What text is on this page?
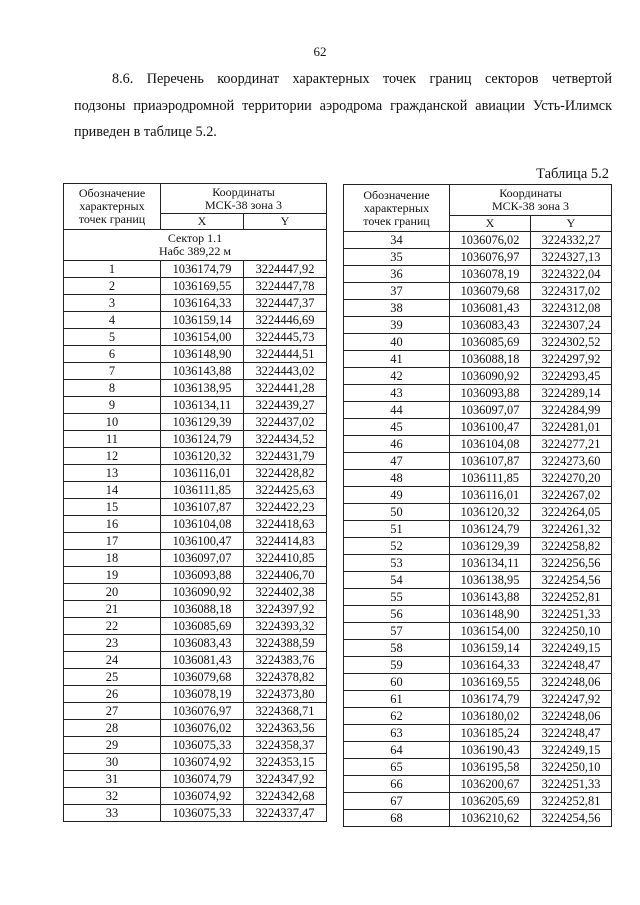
62
8.6. Перечень координат характерных точек границ секторов четвертой
подзоны приаэродромной территории аэродрома гражданской авиации Усть-Илимск
приведен в таблице 5.2.
Таблица 5.2
Обозначение
характерных
точек границ	Координаты
МСК-38 зона 3	
	X	Y
Сектор 1.1
Набс 389,22 м		
1	1036174,79	3224447,92
2	1036169,55	3224447,78
3	1036164,33	3224447,37
4	1036159,14	3224446,69
5	1036154,00	3224445,73
6	1036148,90	3224444,51
7	1036143,88	3224443,02
8	1036138,95	3224441,28
9	1036134,11	3224439,27
10	1036129,39	3224437,02
11	1036124,79	3224434,52
12	1036120,32	3224431,79
13	1036116,01	3224428,82
14	1036111,85	3224425,63
15	1036107,87	3224422,23
16	1036104,08	3224418,63
17	1036100,47	3224414,83
18	1036097,07	3224410,85
19	1036093,88	3224406,70
20	1036090,92	3224402,38
21	1036088,18	3224397,92
22	1036085,69	3224393,32
23	1036083,43	3224388,59
24	1036081,43	3224383,76
25	1036079,68	3224378,82
26	1036078,19	3224373,80
27	1036076,97	3224368,71
28	1036076,02	3224363,56
29	1036075,33	3224358,37
30	1036074,92	3224353,15
31	1036074,79	3224347,92
32	1036074,92	3224342,68
33	1036075,33	3224337,47
Обозначение
характерных
точек границ	Координаты
МСК-38 зона 3	
	X	Y
34	1036076,02	3224332,27
35	1036076,97	3224327,13
36	1036078,19	3224322,04
37	1036079,68	3224317,02
38	1036081,43	3224312,08
39	1036083,43	3224307,24
40	1036085,69	3224302,52
41	1036088,18	3224297,92
42	1036090,92	3224293,45
43	1036093,88	3224289,14
44	1036097,07	3224284,99
45	1036100,47	3224281,01
46	1036104,08	3224277,21
47	1036107,87	3224273,60
48	1036111,85	3224270,20
49	1036116,01	3224267,02
50	1036120,32	3224264,05
51	1036124,79	3224261,32
52	1036129,39	3224258,82
53	1036134,11	3224256,56
54	1036138,95	3224254,56
55	1036143,88	3224252,81
56	1036148,90	3224251,33
57	1036154,00	3224250,10
58	1036159,14	3224249,15
59	1036164,33	3224248,47
60	1036169,55	3224248,06
61	1036174,79	3224247,92
62	1036180,02	3224248,06
63	1036185,24	3224248,47
64	1036190,43	3224249,15
65	1036195,58	3224250,10
66	1036200,67	3224251,33
67	1036205,69	3224252,81
68	1036210,62	3224254,56
